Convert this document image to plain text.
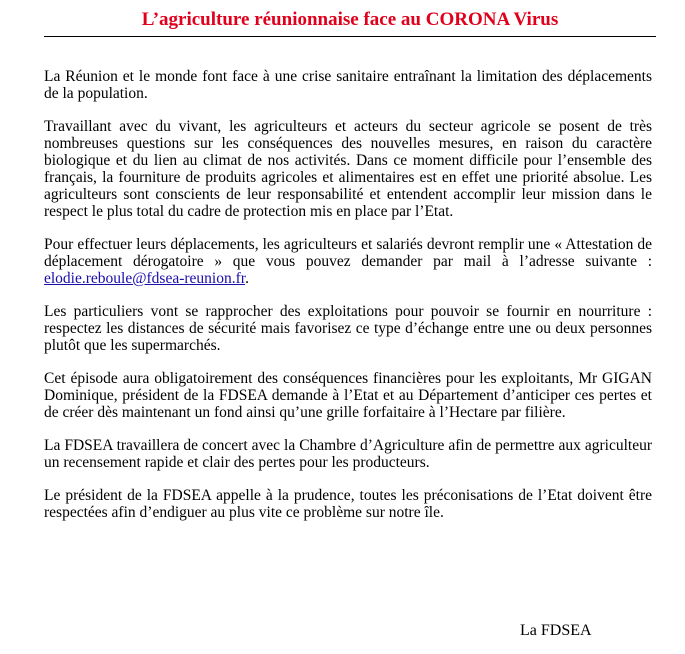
L’agriculture réunionnaise face au CORONA Virus

La Réunion et le monde font face à une crise sanitaire entraînant la limitation des déplacements de la population.

Travaillant avec du vivant, les agriculteurs et acteurs du secteur agricole se posent de très nombreuses questions sur les conséquences des nouvelles mesures, en raison du caractère biologique et du lien au climat de nos activités. Dans ce moment difficile pour l’ensemble des français, la fourniture de produits agricoles et alimentaires est en effet une priorité absolue. Les agriculteurs sont conscients de leur responsabilité et entendent accomplir leur mission dans le respect le plus total du cadre de protection mis en place par l’Etat.

Pour effectuer leurs déplacements, les agriculteurs et salariés devront remplir une « Attestation de déplacement dérogatoire » que vous pouvez demander par mail à l’adresse suivante : elodie.reboule@fdsea-reunion.fr.

Les particuliers vont se rapprocher des exploitations pour pouvoir se fournir en nourriture : respectez les distances de sécurité mais favorisez ce type d’échange entre une ou deux personnes plutôt que les supermarchés.

Cet épisode aura obligatoirement des conséquences financières pour les exploitants, Mr GIGAN Dominique, président de la FDSEA demande à l’Etat et au Département d’anticiper ces pertes et de créer dès maintenant un fond ainsi qu’une grille forfaitaire à l’Hectare par filière.

La FDSEA travaillera de concert avec la Chambre d’Agriculture afin de permettre aux agriculteur un recensement rapide et clair des pertes pour les producteurs.

Le président de la FDSEA appelle à la prudence, toutes les préconisations de l’Etat doivent être respectées afin d’endiguer au plus vite ce problème sur notre île.

La FDSEA
